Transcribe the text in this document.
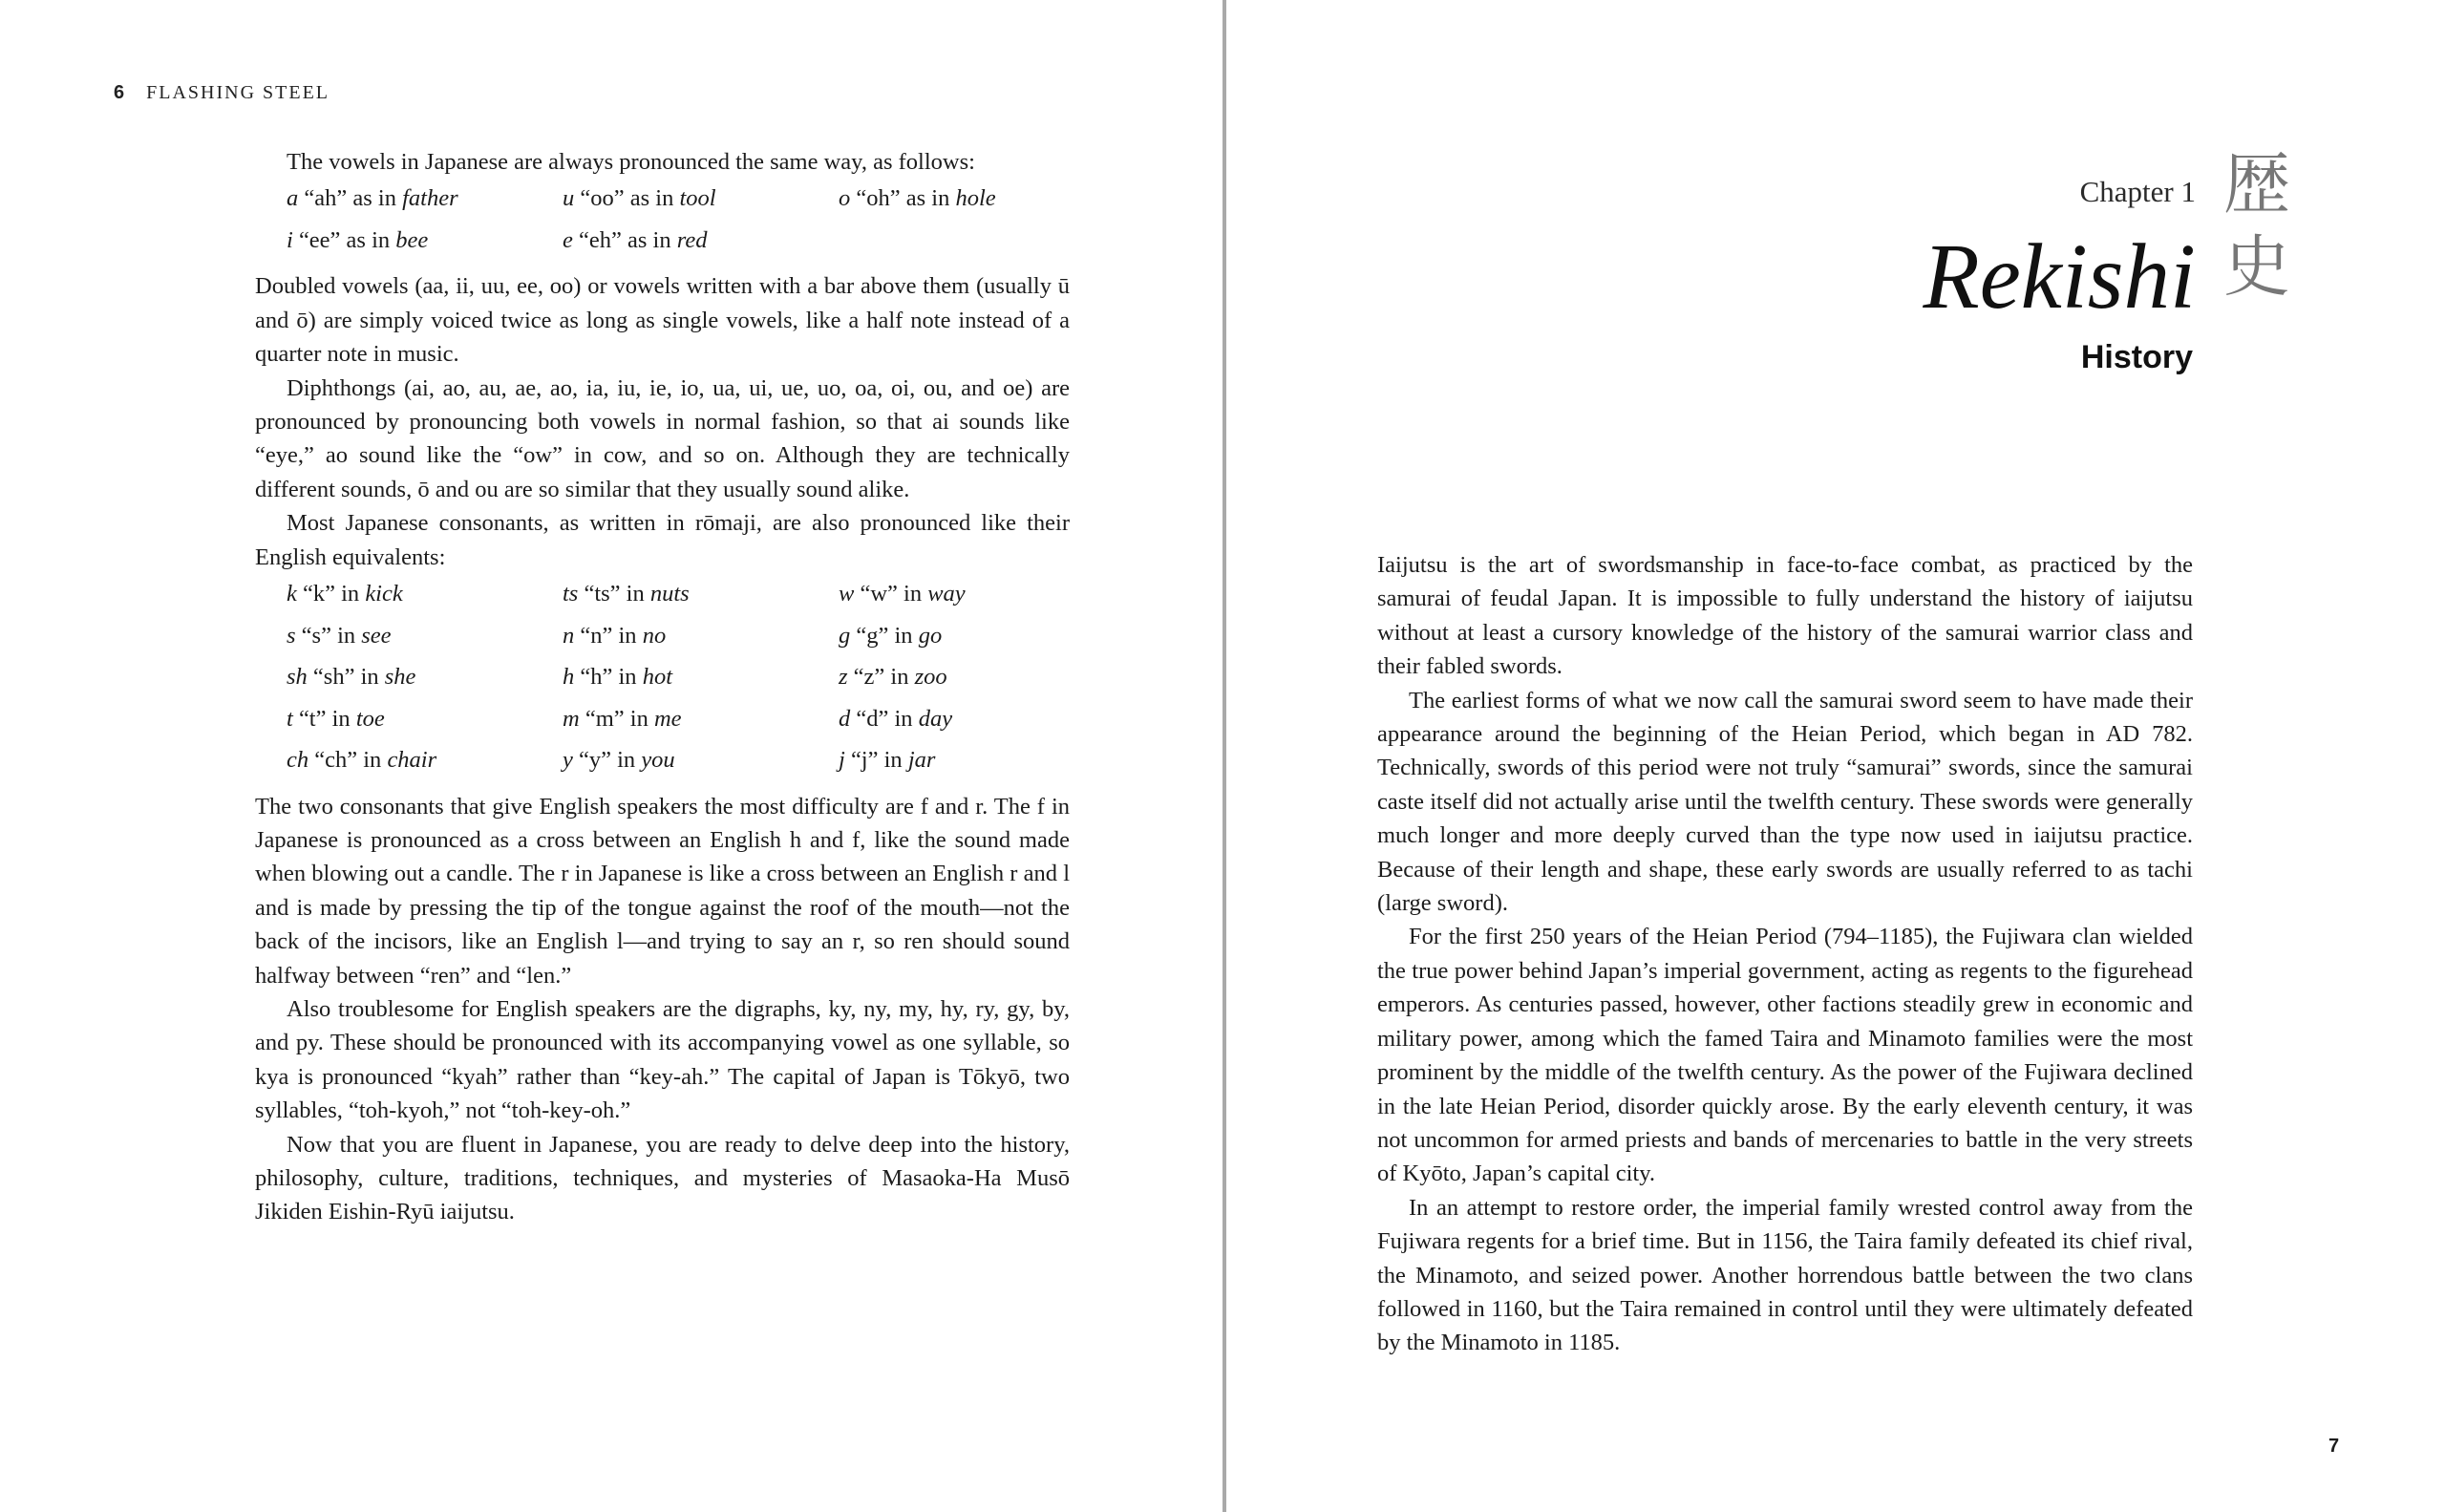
6 FLASHING STEEL

The vowels in Japanese are always pronounced the same way, as follows:

a “ah” as in father	u “oo” as in tool	o “oh” as in hole
i “ee” as in bee	e “eh” as in red

Doubled vowels (aa, ii, uu, ee, oo) or vowels written with a bar above them (usually ū and ō) are simply voiced twice as long as single vowels, like a half note instead of a quarter note in music.

Diphthongs (ai, ao, au, ae, ao, ia, iu, ie, io, ua, ui, ue, uo, oa, oi, ou, and oe) are pronounced by pronouncing both vowels in normal fashion, so that ai sounds like “eye,” ao sound like the “ow” in cow, and so on. Although they are technically different sounds, ō and ou are so similar that they usually sound alike.

Most Japanese consonants, as written in rōmaji, are also pronounced like their English equivalents:

k “k” in kick	ts “ts” in nuts	w “w” in way
s “s” in see	n “n” in no	g “g” in go
sh “sh” in she	h “h” in hot	z “z” in zoo
t “t” in toe	m “m” in me	d “d” in day
ch “ch” in chair	y “y” in you	j “j” in jar

The two consonants that give English speakers the most difficulty are f and r. The f in Japanese is pronounced as a cross between an English h and f, like the sound made when blowing out a candle. The r in Japanese is like a cross between an English r and l and is made by pressing the tip of the tongue against the roof of the mouth—not the back of the incisors, like an English l—and trying to say an r, so ren should sound halfway between “ren” and “len.”

Also troublesome for English speakers are the digraphs, ky, ny, my, hy, ry, gy, by, and py. These should be pronounced with its accompanying vowel as one syllable, so kya is pronounced “kyah” rather than “key-ah.” The capital of Japan is Tōkyō, two syllables, “toh-kyoh,” not “toh-key-oh.”

Now that you are fluent in Japanese, you are ready to delve deep into the history, philosophy, culture, traditions, techniques, and mysteries of Masaoka-Ha Musō Jikiden Eishin-Ryū iaijutsu.

Chapter 1
Rekishi
History
歴
史

Iaijutsu is the art of swordsmanship in face-to-face combat, as practiced by the samurai of feudal Japan. It is impossible to fully understand the history of iaijutsu without at least a cursory knowledge of the history of the samurai warrior class and their fabled swords.

The earliest forms of what we now call the samurai sword seem to have made their appearance around the beginning of the Heian Period, which began in AD 782. Technically, swords of this period were not truly “samurai” swords, since the samurai caste itself did not actually arise until the twelfth century. These swords were generally much longer and more deeply curved than the type now used in iaijutsu practice. Because of their length and shape, these early swords are usually referred to as tachi (large sword).

For the first 250 years of the Heian Period (794–1185), the Fujiwara clan wielded the true power behind Japan’s imperial government, acting as regents to the figurehead emperors. As centuries passed, however, other factions steadily grew in economic and military power, among which the famed Taira and Minamoto families were the most prominent by the middle of the twelfth century. As the power of the Fujiwara declined in the late Heian Period, disorder quickly arose. By the early eleventh century, it was not uncommon for armed priests and bands of mercenaries to battle in the very streets of Kyōto, Japan’s capital city.

In an attempt to restore order, the imperial family wrested control away from the Fujiwara regents for a brief time. But in 1156, the Taira family defeated its chief rival, the Minamoto, and seized power. Another horrendous battle between the two clans followed in 1160, but the Taira remained in control until they were ultimately defeated by the Minamoto in 1185.

7
